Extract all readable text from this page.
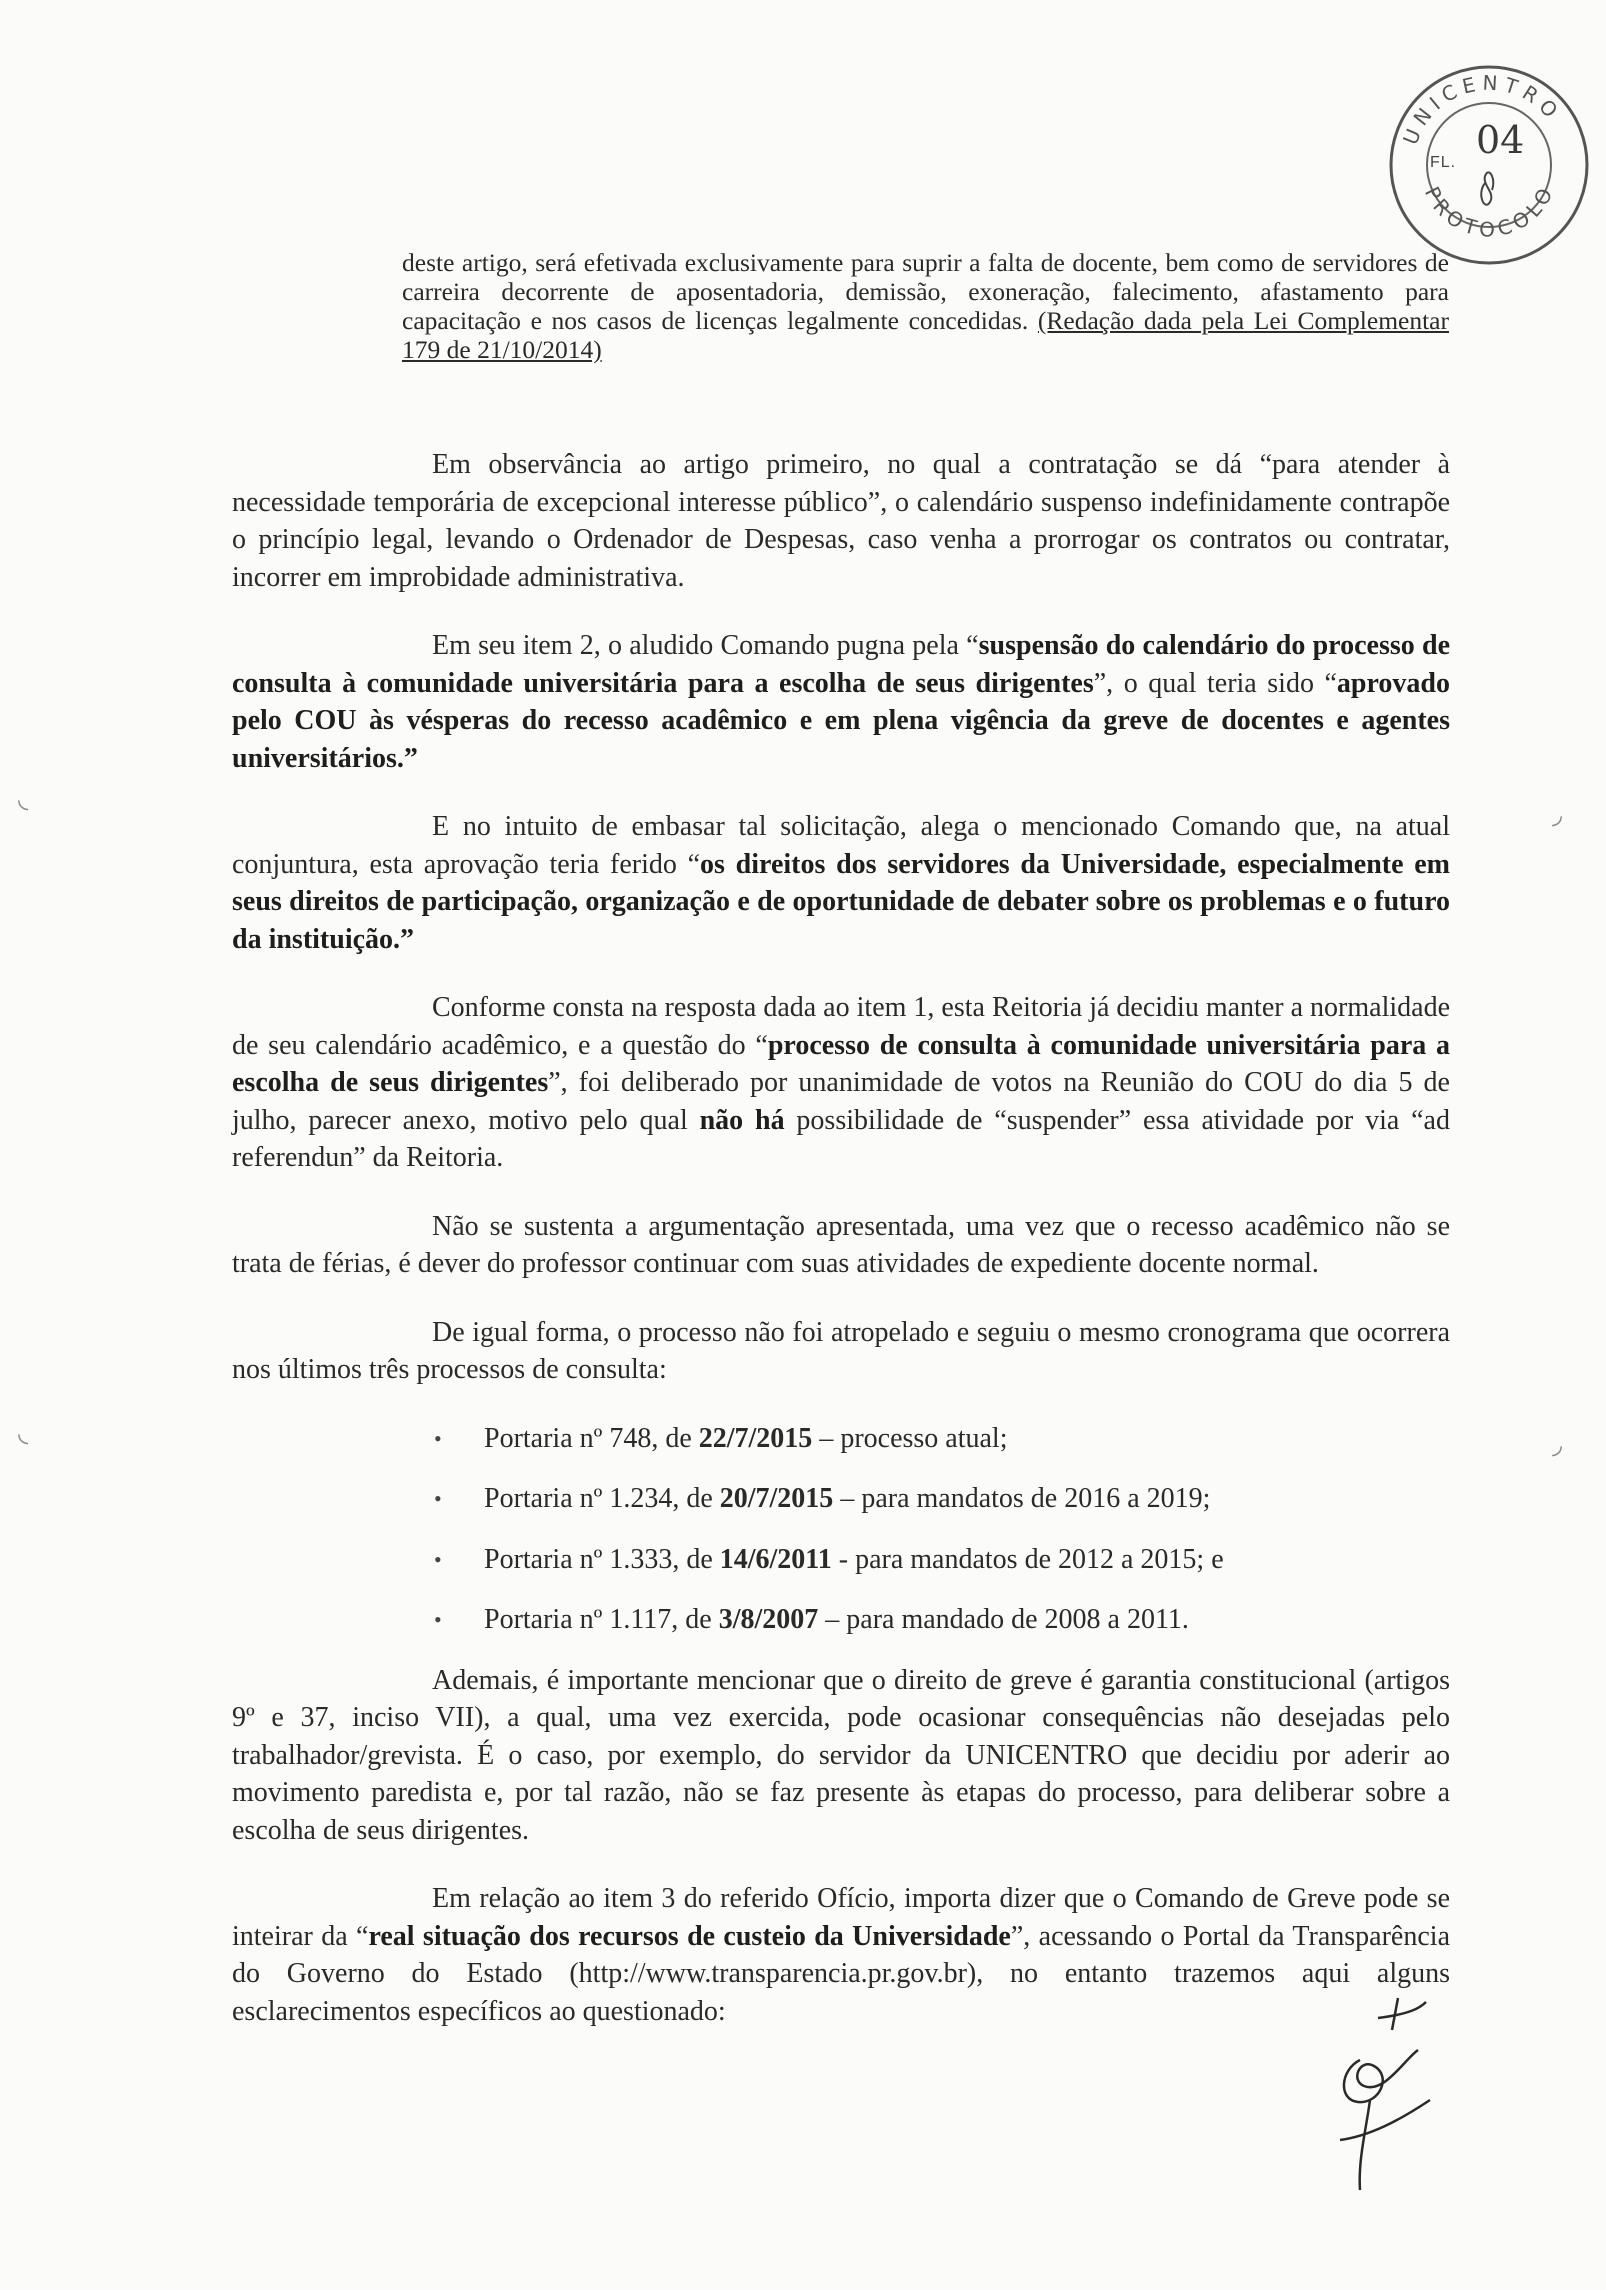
UNICENTRO
PROTOCOLO
FL.
04

deste artigo, será efetivada exclusivamente para suprir a falta de docente, bem como de servidores de carreira decorrente de aposentadoria, demissão, exoneração, falecimento, afastamento para capacitação e nos casos de licenças legalmente concedidas. (Redação dada pela Lei Complementar 179 de 21/10/2014)

Em observância ao artigo primeiro, no qual a contratação se dá “para atender à necessidade temporária de excepcional interesse público”, o calendário suspenso indefinidamente contrapõe o princípio legal, levando o Ordenador de Despesas, caso venha a prorrogar os contratos ou contratar, incorrer em improbidade administrativa.

Em seu item 2, o aludido Comando pugna pela “suspensão do calendário do processo de consulta à comunidade universitária para a escolha de seus dirigentes”, o qual teria sido “aprovado pelo COU às vésperas do recesso acadêmico e em plena vigência da greve de docentes e agentes universitários.”

E no intuito de embasar tal solicitação, alega o mencionado Comando que, na atual conjuntura, esta aprovação teria ferido “os direitos dos servidores da Universidade, especialmente em seus direitos de participação, organização e de oportunidade de debater sobre os problemas e o futuro da instituição.”

Conforme consta na resposta dada ao item 1, esta Reitoria já decidiu manter a normalidade de seu calendário acadêmico, e a questão do “processo de consulta à comunidade universitária para a escolha de seus dirigentes”, foi deliberado por unanimidade de votos na Reunião do COU do dia 5 de julho, parecer anexo, motivo pelo qual não há possibilidade de “suspender” essa atividade por via “ad referendun” da Reitoria.

Não se sustenta a argumentação apresentada, uma vez que o recesso acadêmico não se trata de férias, é dever do professor continuar com suas atividades de expediente docente normal.

De igual forma, o processo não foi atropelado e seguiu o mesmo cronograma que ocorrera nos últimos três processos de consulta:

• Portaria nº 748, de 22/7/2015 – processo atual;
• Portaria nº 1.234, de 20/7/2015 – para mandatos de 2016 a 2019;
• Portaria nº 1.333, de 14/6/2011 - para mandatos de 2012 a 2015; e
• Portaria nº 1.117, de 3/8/2007 – para mandado de 2008 a 2011.

Ademais, é importante mencionar que o direito de greve é garantia constitucional (artigos 9º e 37, inciso VII), a qual, uma vez exercida, pode ocasionar consequências não desejadas pelo trabalhador/grevista. É o caso, por exemplo, do servidor da UNICENTRO que decidiu por aderir ao movimento paredista e, por tal razão, não se faz presente às etapas do processo, para deliberar sobre a escolha de seus dirigentes.

Em relação ao item 3 do referido Ofício, importa dizer que o Comando de Greve pode se inteirar da “real situação dos recursos de custeio da Universidade”, acessando o Portal da Transparência do Governo do Estado (http://www.transparencia.pr.gov.br), no entanto trazemos aqui alguns esclarecimentos específicos ao questionado:

◟
◟
◞
◞
